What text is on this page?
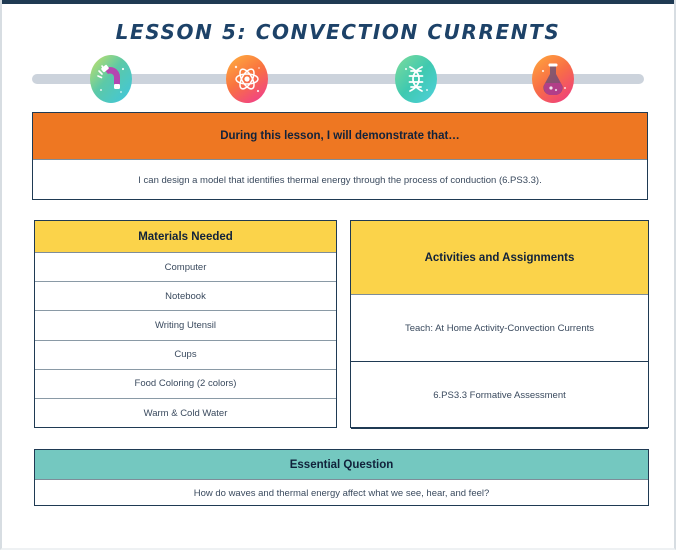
LESSON 5: CONVECTION CURRENTS
During this lesson, I will demonstrate that…
I can design a model that identifies thermal energy through the process of conduction (6.PS3.3).
Materials Needed
Computer
Notebook
Writing Utensil
Cups
Food Coloring (2 colors)
Warm & Cold Water
Activities and Assignments
Teach: At Home Activity-Convection Currents
6.PS3.3 Formative Assessment
Essential Question
How do waves and thermal energy affect what we see, hear, and feel?
